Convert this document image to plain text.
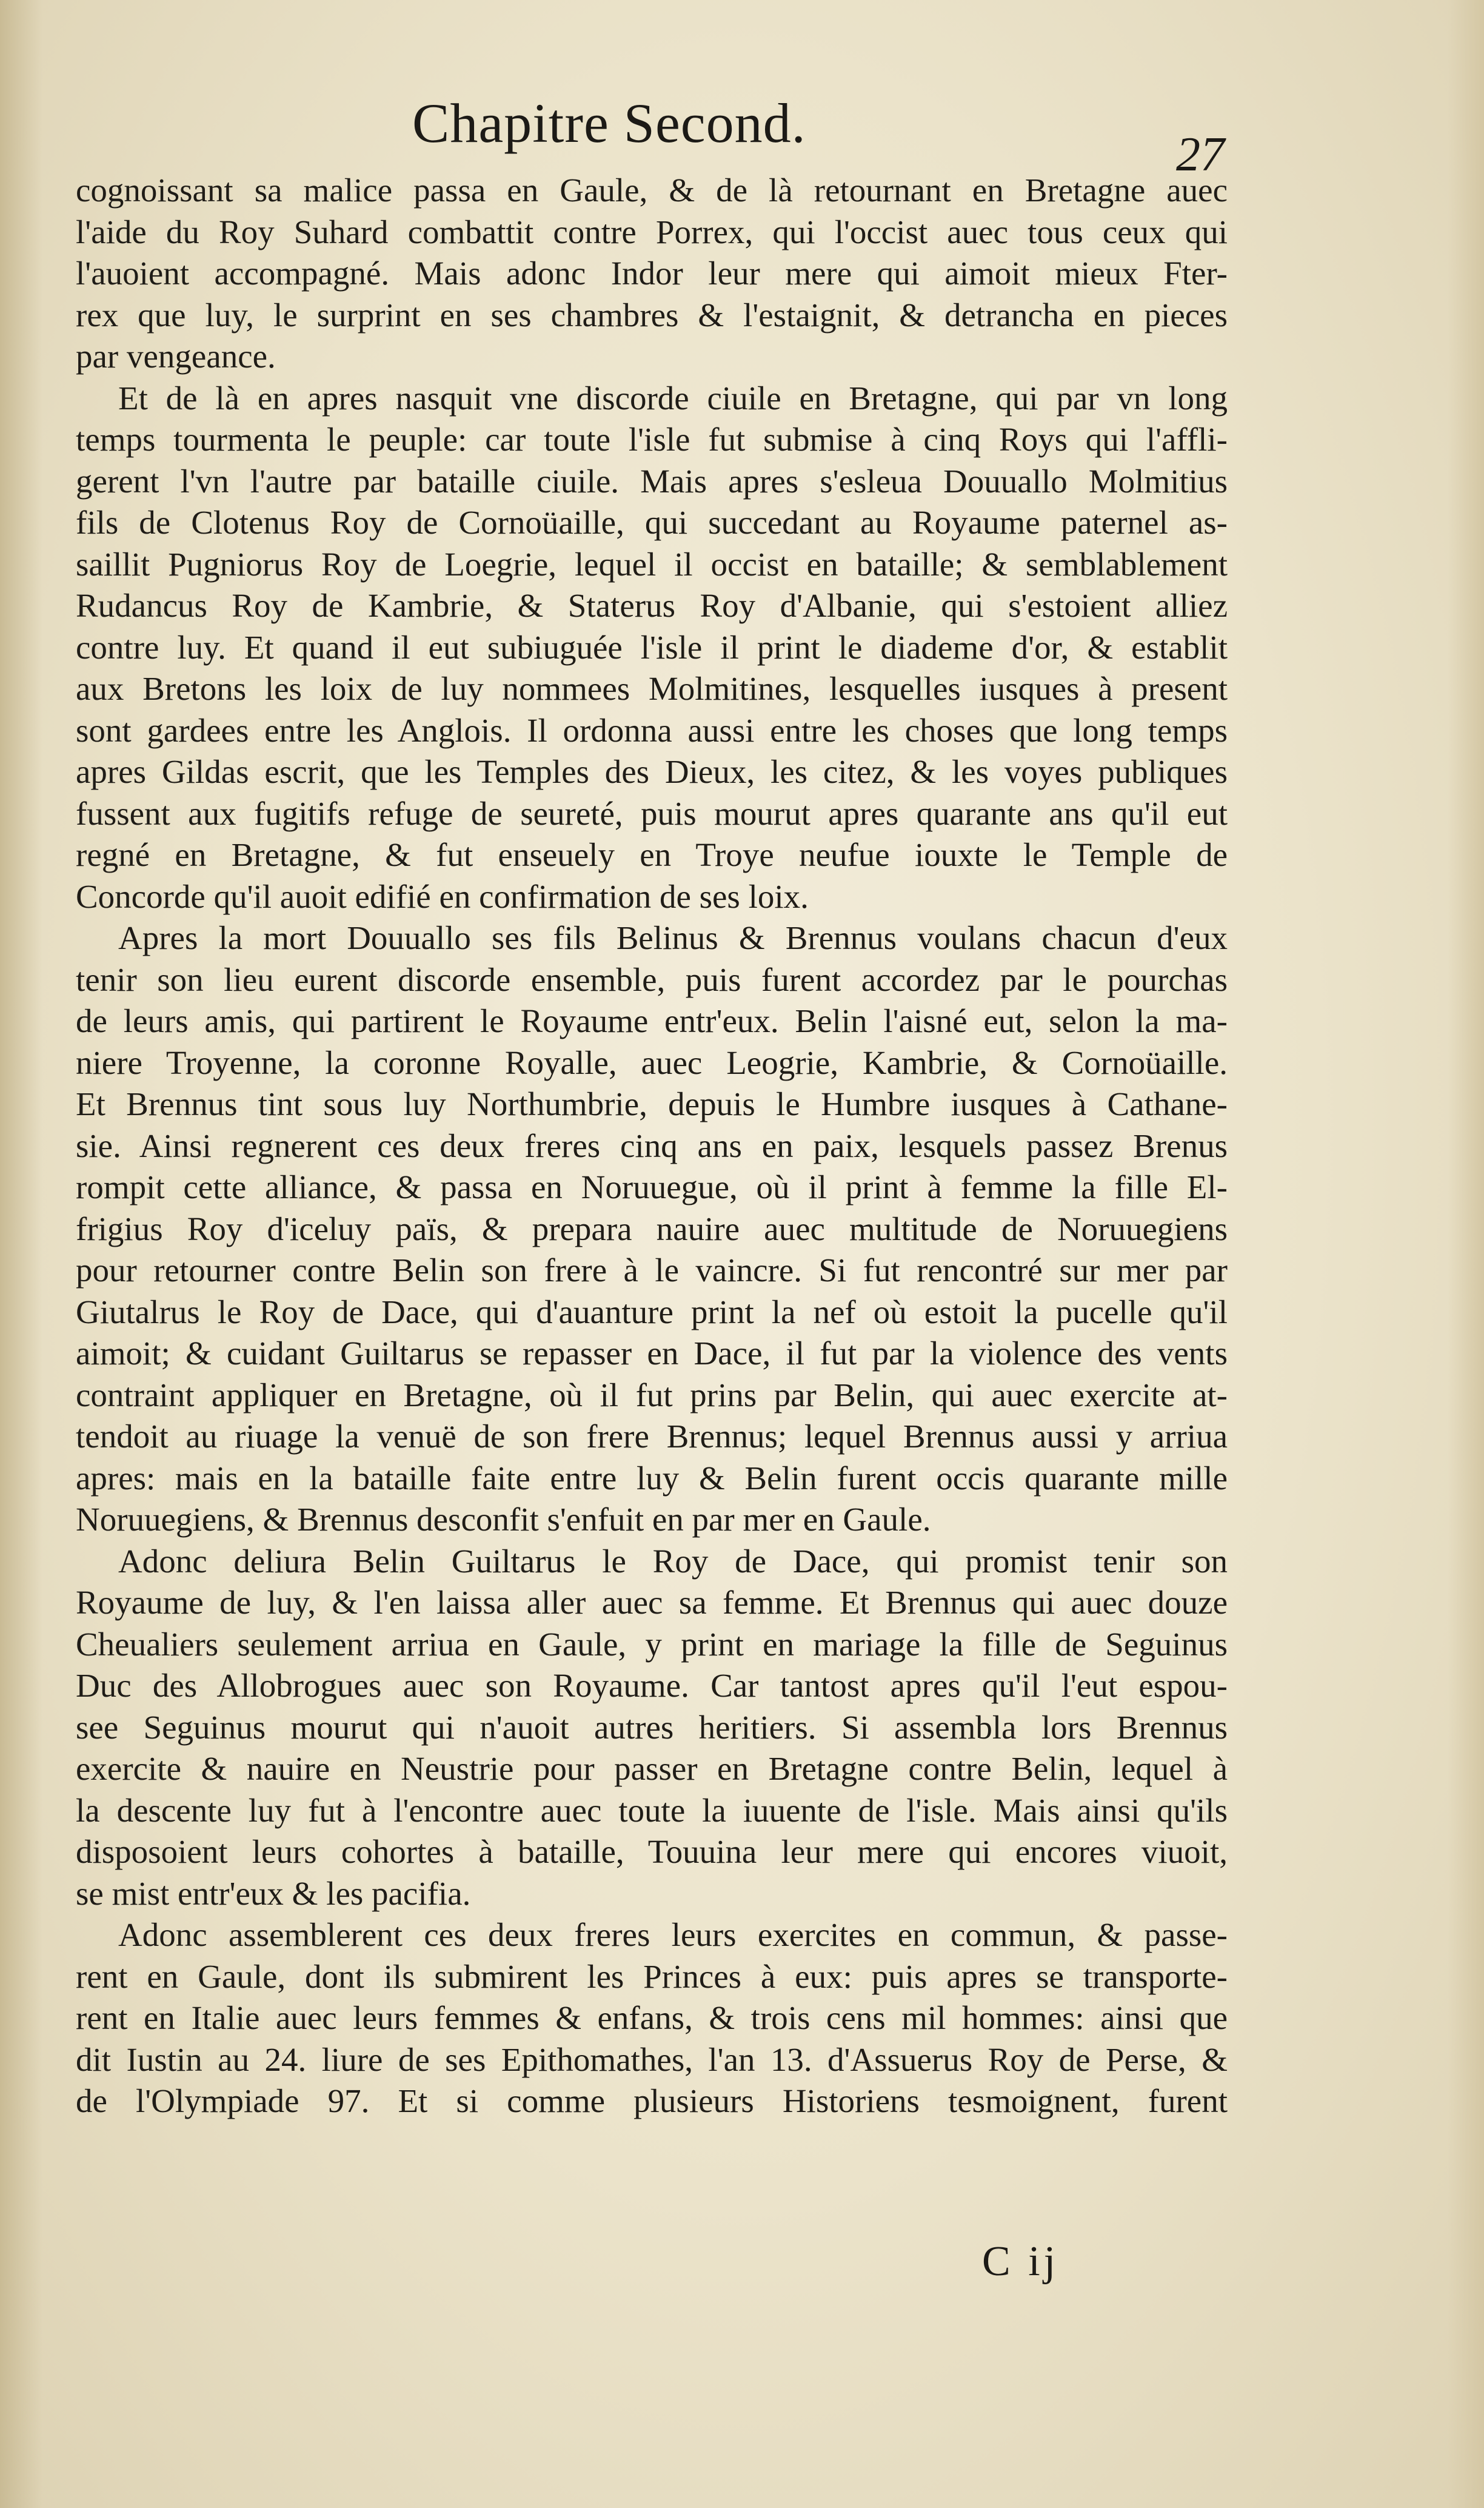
Chapitre Second.
27
cognoissant sa malice passa en Gaule, & de là retournant en Bretagne auec
l'aide du Roy Suhard combattit contre Porrex, qui l'occist auec tous ceux qui
l'auoient accompagné. Mais adonc Indor leur mere qui aimoit mieux Fter-
rex que luy, le surprint en ses chambres & l'estaignit, & detrancha en pieces
par vengeance.
Et de là en apres nasquit vne discorde ciuile en Bretagne, qui par vn long
temps tourmenta le peuple: car toute l'isle fut submise à cinq Roys qui l'affli-
gerent l'vn l'autre par bataille ciuile. Mais apres s'esleua Douuallo Molmitius
fils de Clotenus Roy de Cornoüaille, qui succedant au Royaume paternel as-
saillit Pugniorus Roy de Loegrie, lequel il occist en bataille; & semblablement
Rudancus Roy de Kambrie, & Staterus Roy d'Albanie, qui s'estoient alliez
contre luy. Et quand il eut subiuguée l'isle il print le diademe d'or, & establit
aux Bretons les loix de luy nommees Molmitines, lesquelles iusques à present
sont gardees entre les Anglois. Il ordonna aussi entre les choses que long temps
apres Gildas escrit, que les Temples des Dieux, les citez, & les voyes publiques
fussent aux fugitifs refuge de seureté, puis mourut apres quarante ans qu'il eut
regné en Bretagne, & fut enseuely en Troye neufue iouxte le Temple de
Concorde qu'il auoit edifié en confirmation de ses loix.
Apres la mort Douuallo ses fils Belinus & Brennus voulans chacun d'eux
tenir son lieu eurent discorde ensemble, puis furent accordez par le pourchas
de leurs amis, qui partirent le Royaume entr'eux. Belin l'aisné eut, selon la ma-
niere Troyenne, la coronne Royalle, auec Leogrie, Kambrie, & Cornoüaille.
Et Brennus tint sous luy Northumbrie, depuis le Humbre iusques à Cathane-
sie. Ainsi regnerent ces deux freres cinq ans en paix, lesquels passez Brenus
rompit cette alliance, & passa en Noruuegue, où il print à femme la fille El-
frigius Roy d'iceluy païs, & prepara nauire auec multitude de Noruuegiens
pour retourner contre Belin son frere à le vaincre. Si fut rencontré sur mer par
Giutalrus le Roy de Dace, qui d'auanture print la nef où estoit la pucelle qu'il
aimoit; & cuidant Guiltarus se repasser en Dace, il fut par la violence des vents
contraint appliquer en Bretagne, où il fut prins par Belin, qui auec exercite at-
tendoit au riuage la venuë de son frere Brennus; lequel Brennus aussi y arriua
apres: mais en la bataille faite entre luy & Belin furent occis quarante mille
Noruuegiens, & Brennus desconfit s'enfuit en par mer en Gaule.
Adonc deliura Belin Guiltarus le Roy de Dace, qui promist tenir son
Royaume de luy, & l'en laissa aller auec sa femme. Et Brennus qui auec douze
Cheualiers seulement arriua en Gaule, y print en mariage la fille de Seguinus
Duc des Allobrogues auec son Royaume. Car tantost apres qu'il l'eut espou-
see Seguinus mourut qui n'auoit autres heritiers. Si assembla lors Brennus
exercite & nauire en Neustrie pour passer en Bretagne contre Belin, lequel à
la descente luy fut à l'encontre auec toute la iuuente de l'isle. Mais ainsi qu'ils
disposoient leurs cohortes à bataille, Touuina leur mere qui encores viuoit,
se mist entr'eux & les pacifia.
Adonc assemblerent ces deux freres leurs exercites en commun, & passe-
rent en Gaule, dont ils submirent les Princes à eux: puis apres se transporte-
rent en Italie auec leurs femmes & enfans, & trois cens mil hommes: ainsi que
dit Iustin au 24. liure de ses Epithomathes, l'an 13. d'Assuerus Roy de Perse, &
de l'Olympiade 97. Et si comme plusieurs Historiens tesmoignent, furent
C ij
